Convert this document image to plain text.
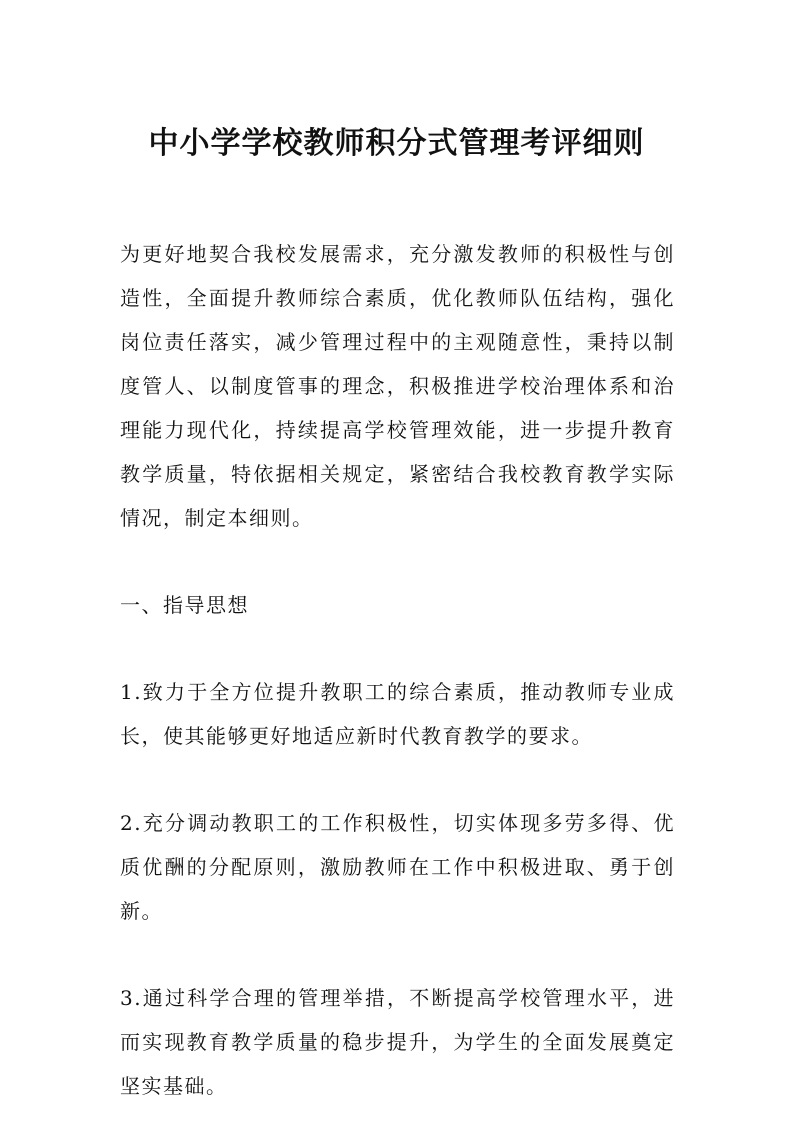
中小学学校教师积分式管理考评细则

为更好地契合我校发展需求，充分激发教师的积极性与创造性，全面提升教师综合素质，优化教师队伍结构，强化岗位责任落实，减少管理过程中的主观随意性，秉持以制度管人、以制度管事的理念，积极推进学校治理体系和治理能力现代化，持续提高学校管理效能，进一步提升教育教学质量，特依据相关规定，紧密结合我校教育教学实际情况，制定本细则。

一、指导思想

1.致力于全方位提升教职工的综合素质，推动教师专业成长，使其能够更好地适应新时代教育教学的要求。

2.充分调动教职工的工作积极性，切实体现多劳多得、优质优酬的分配原则，激励教师在工作中积极进取、勇于创新。

3.通过科学合理的管理举措，不断提高学校管理水平，进而实现教育教学质量的稳步提升，为学生的全面发展奠定坚实基础。
